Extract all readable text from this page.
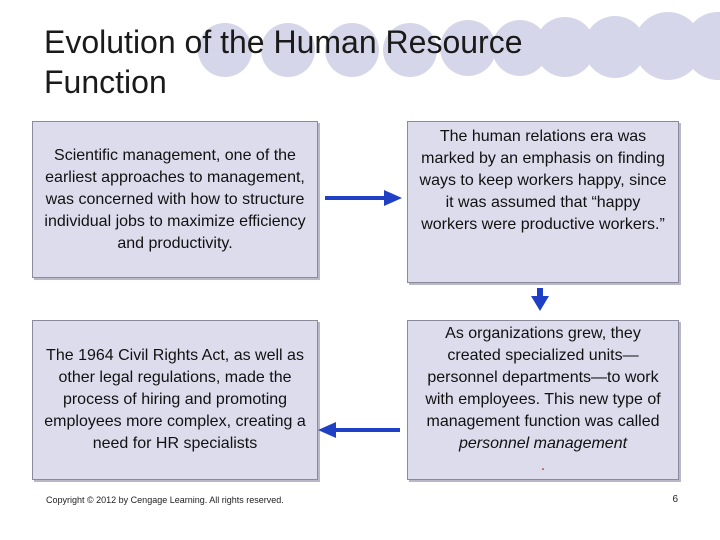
Evolution of the Human Resource Function
Scientific management, one of the earliest approaches to management, was concerned with how to structure individual jobs to maximize efficiency and productivity.
The human relations era was marked by an emphasis on finding ways to keep workers happy, since it was assumed that “happy workers were productive workers.”
The 1964 Civil Rights Act, as well as other legal regulations, made the process of hiring and promoting employees more complex, creating a need for HR specialists
As organizations grew, they created specialized units—personnel departments—to work with employees. This new type of management function was called personnel management
.
Copyright © 2012 by Cengage Learning. All rights reserved.	6
